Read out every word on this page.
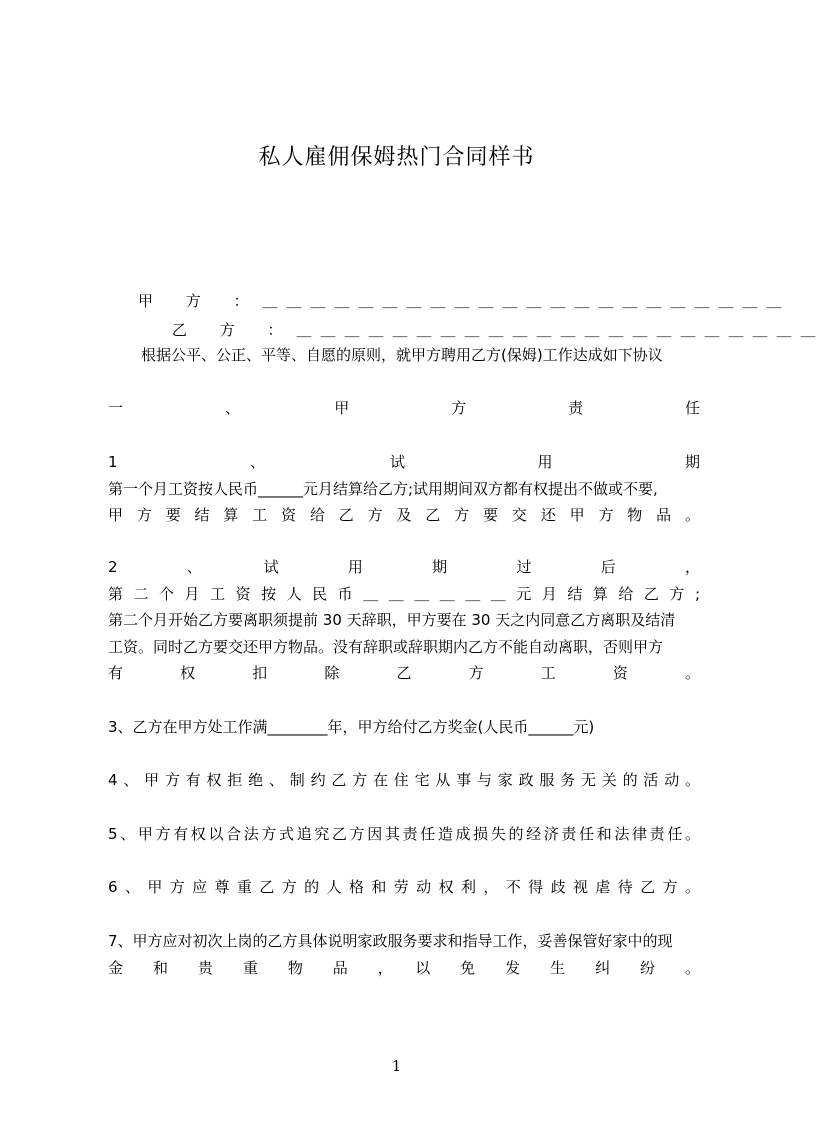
私人雇佣保姆热门合同样书
甲 方 ：＿＿＿＿＿＿＿＿＿＿＿＿＿＿＿＿＿＿＿＿＿＿
乙 方 ：＿＿＿＿＿＿＿＿＿＿＿＿＿＿＿＿＿＿＿＿＿＿
根据公平、公正、平等、自愿的原则，就甲方聘用乙方(保姆)工作达成如下协议
一　、　甲　方　责　任
1　、　试　用　期
第一个月工资按人民币______元月结算给乙方;试用期间双方都有权提出不做或不要,
甲方要结算工资给乙方及乙方要交还甲方物品。
2　、　试　用　期　过　后　，
第二个月工资按人民币＿＿＿＿＿＿元月结算给乙方;
第二个月开始乙方要离职须提前 30 天辞职，甲方要在 30 天之内同意乙方离职及结清
工资。同时乙方要交还甲方物品。没有辞职或辞职期内乙方不能自动离职，否则甲方
有　权　扣　除　乙　方　工　资　。
3、乙方在甲方处工作满________年，甲方给付乙方奖金(人民币______元)
4、甲方有权拒绝、制约乙方在住宅从事与家政服务无关的活动。
5、甲方有权以合法方式追究乙方因其责任造成损失的经济责任和法律责任。
6、甲方应尊重乙方的人格和劳动权利，不得歧视虐待乙方。
7、甲方应对初次上岗的乙方具体说明家政服务要求和指导工作，妥善保管好家中的现
金　和　贵　重　物　品　，　以　免　发　生　纠　纷　。
1
